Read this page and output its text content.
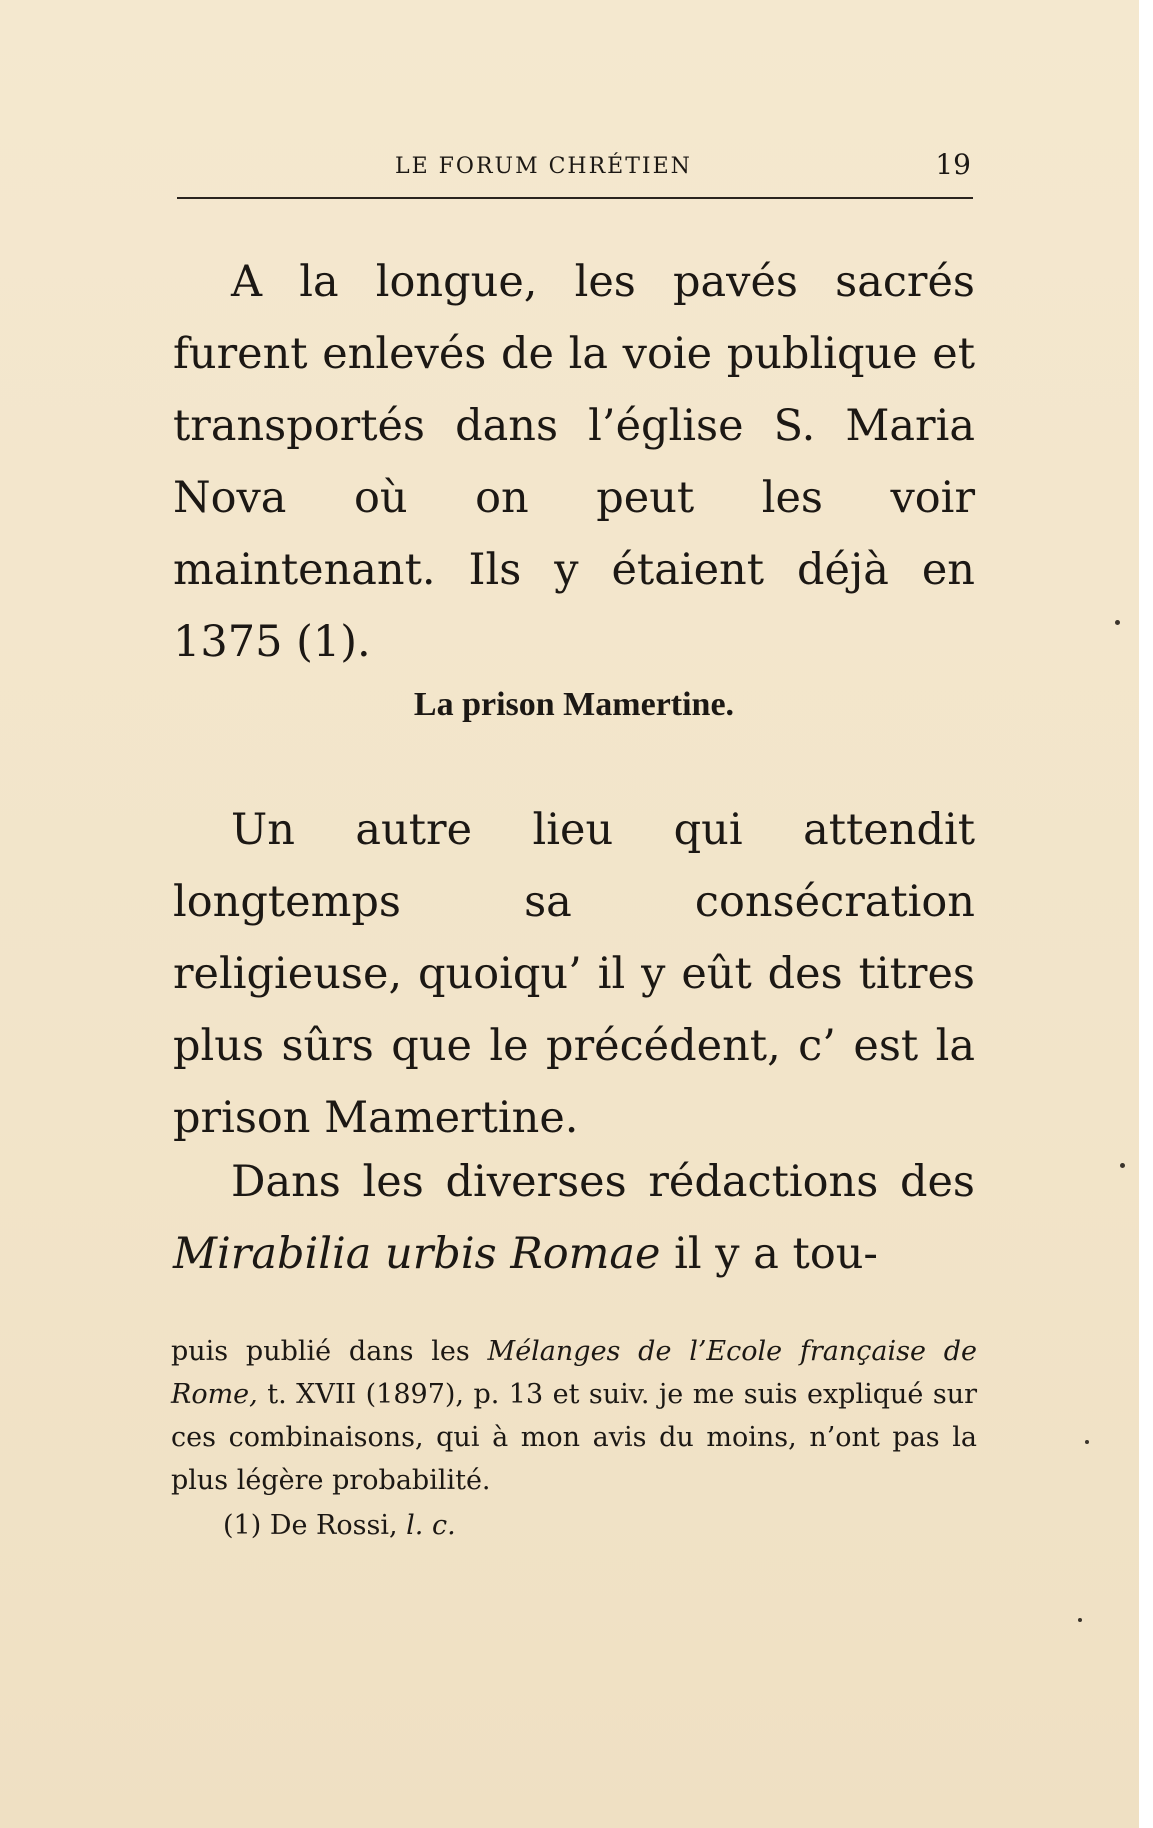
LE FORUM CHRÉTIEN	19

A la longue, les pavés sacrés furent enlevés de la voie publique et transportés dans l’église S. Maria Nova où on peut les voir maintenant. Ils y étaient déjà en 1375 (1).

La prison Mamertine.

Un autre lieu qui attendit longtemps sa consécration religieuse, quoiqu’ il y eût des titres plus sûrs que le précédent, c’ est la prison Mamertine.

Dans les diverses rédactions des Mirabilia urbis Romae il y a tou-

puis publié dans les Mélanges de l’Ecole française de Rome, t. XVII (1897), p. 13 et suiv. je me suis expliqué sur ces combinaisons, qui à mon avis du moins, n’ont pas la plus légère probabilité.

(1) De Rossi, l. c.
